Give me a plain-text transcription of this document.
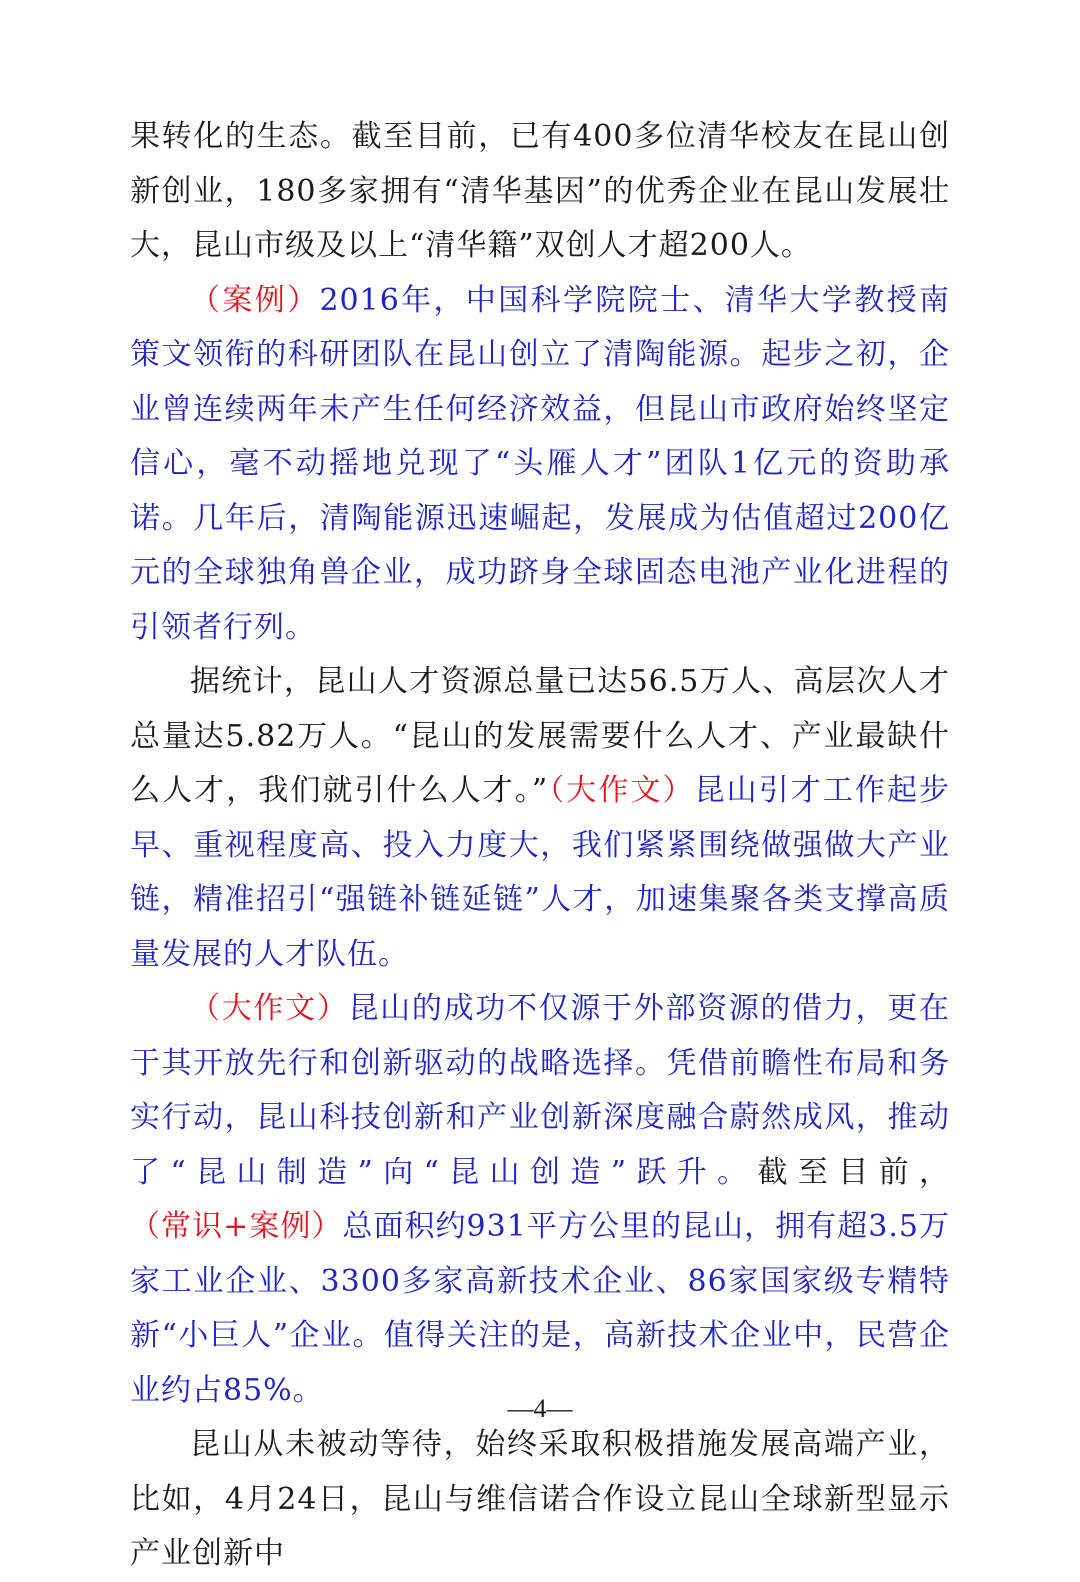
果转化的生态。截至目前，已有400多位清华校友在昆山创新创业，180多家拥有“清华基因”的优秀企业在昆山发展壮大，昆山市级及以上“清华籍”双创人才超200人。

（案例）2016年，中国科学院院士、清华大学教授南策文领衔的科研团队在昆山创立了清陶能源。起步之初，企业曾连续两年未产生任何经济效益，但昆山市政府始终坚定信心，毫不动摇地兑现了“头雁人才”团队1亿元的资助承诺。几年后，清陶能源迅速崛起，发展成为估值超过200亿元的全球独角兽企业，成功跻身全球固态电池产业化进程的引领者行列。

据统计，昆山人才资源总量已达56.5万人、高层次人才总量达5.82万人。“昆山的发展需要什么人才、产业最缺什么人才，我们就引什么人才。”（大作文）昆山引才工作起步早、重视程度高、投入力度大，我们紧紧围绕做强做大产业链，精准招引“强链补链延链”人才，加速集聚各类支撑高质量发展的人才队伍。

（大作文）昆山的成功不仅源于外部资源的借力，更在于其开放先行和创新驱动的战略选择。凭借前瞻性布局和务实行动，昆山科技创新和产业创新深度融合蔚然成风，推动了“昆山制造”向“昆山创造”跃升。截至目前，（常识+案例）总面积约931平方公里的昆山，拥有超3.5万家工业企业、3300多家高新技术企业、86家国家级专精特新“小巨人”企业。值得关注的是，高新技术企业中，民营企业约占85%。

昆山从未被动等待，始终采取积极措施发展高端产业，比如，4月24日，昆山与维信诺合作设立昆山全球新型显示产业创新中

—4—
